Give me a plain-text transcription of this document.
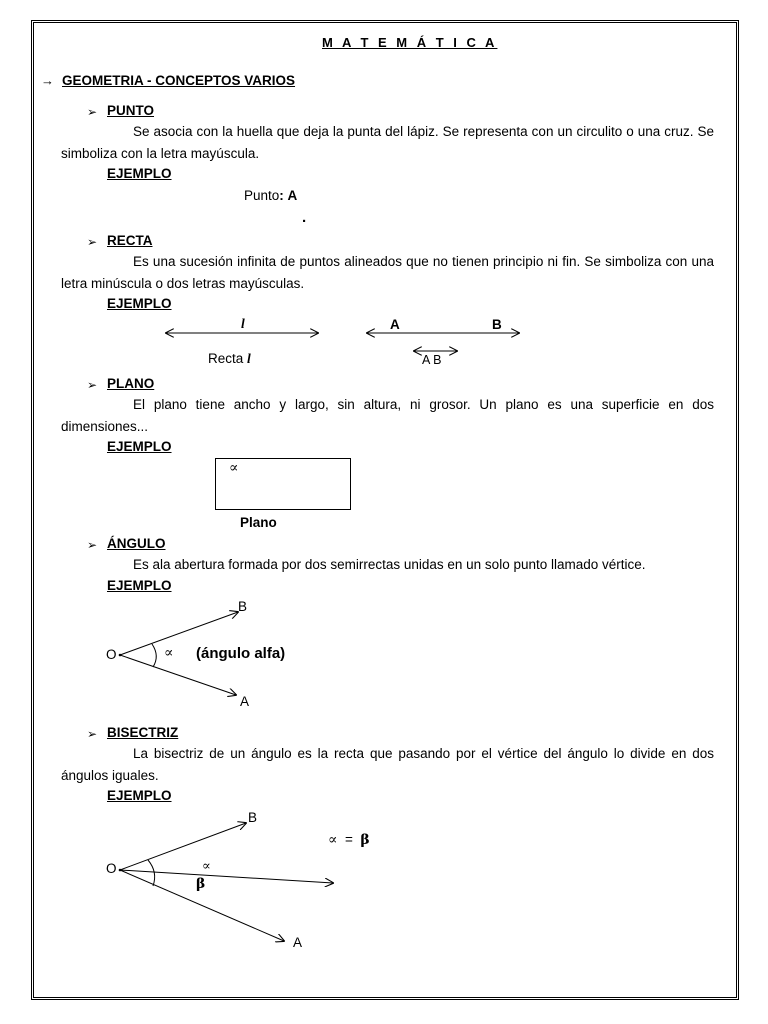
M A T E M Á T I C A
→ GEOMETRIA - CONCEPTOS VARIOS
➢ PUNTO
Se asocia con la huella que deja la punta del lápiz. Se representa con un circulito o una cruz. Se simboliza con la letra mayúscula.
EJEMPLO
Punto: A
.
➢ RECTA
Es una sucesión infinita de puntos alineados que no tienen principio ni fin. Se simboliza con una letra minúscula o dos letras mayúsculas.
EJEMPLO
l	A	B
Recta l	A B
➢ PLANO
El plano tiene ancho y largo, sin altura, ni grosor. Un plano es una superficie en dos dimensiones...
EJEMPLO
∝
Plano
➢ ÁNGULO
Es ala abertura formada por dos semirrectas unidas en un solo punto llamado vértice.
EJEMPLO
B
O	∝ (ángulo alfa)
A
➢ BISECTRIZ
La bisectriz de un ángulo es la recta que pasando por el vértice del ángulo lo divide en dos ángulos iguales.
EJEMPLO
B
∝ = β
O	∝
β
A
